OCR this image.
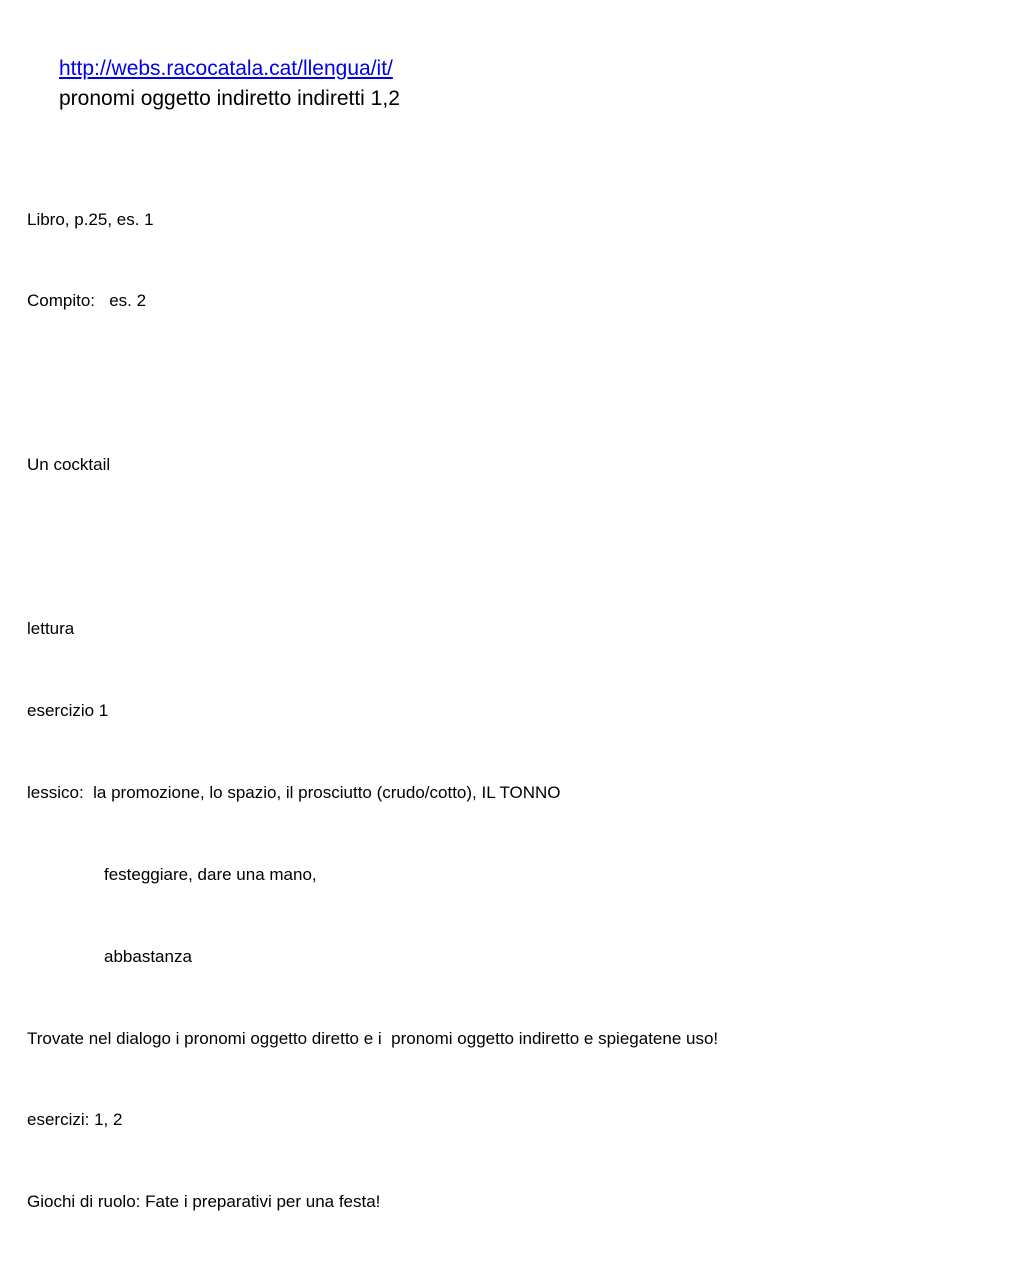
http://webs.racocatala.cat/llengua/it/
pronomi oggetto indiretto indiretti 1,2

Libro, p.25, es. 1

Compito:   es. 2

Un cocktail

lettura

esercizio 1

lessico:  la promozione, lo spazio, il prosciutto (crudo/cotto), IL TONNO

festeggiare, dare una mano,

abbastanza

Trovate nel dialogo i pronomi oggetto diretto e i  pronomi oggetto indiretto e spiegatene uso!

esercizi: 1, 2

Giochi di ruolo: Fate i preparativi per una festa!
